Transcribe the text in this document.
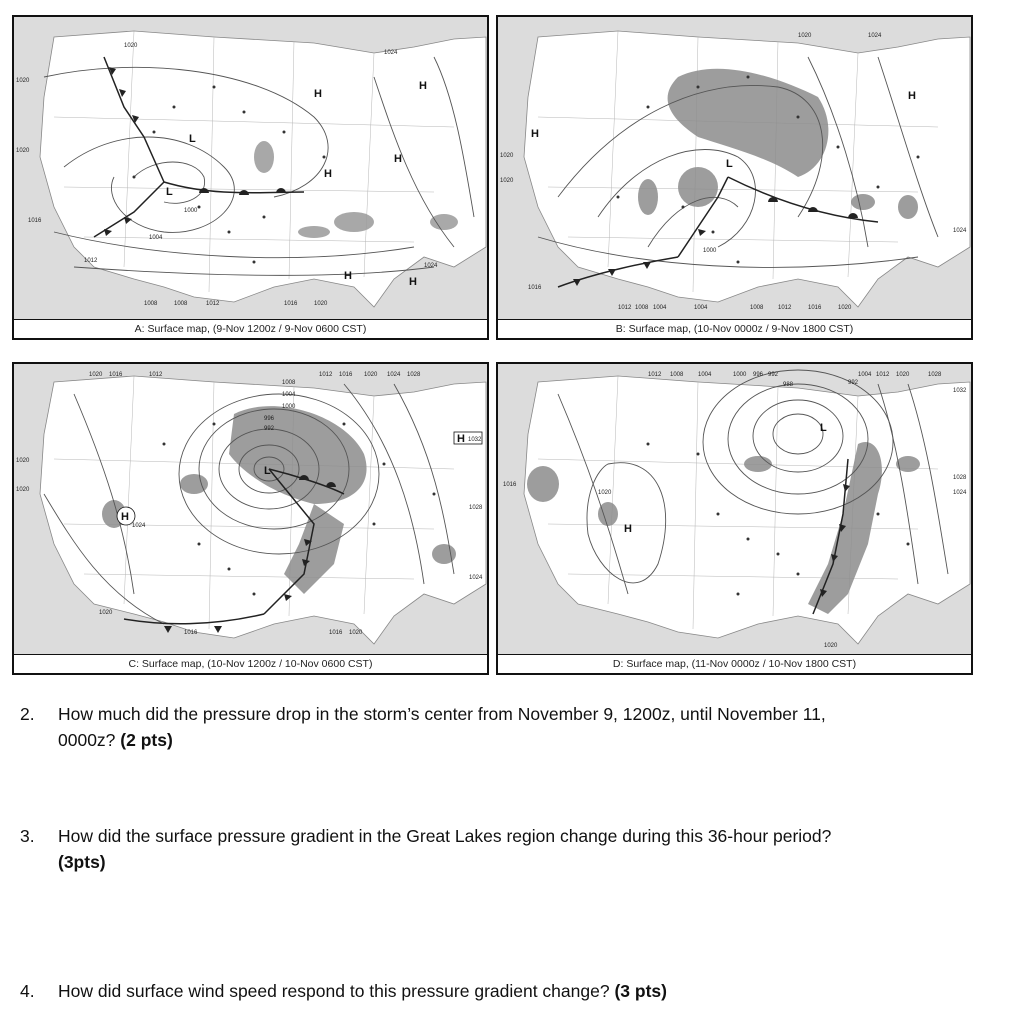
1020
1024
1020
1020
1016
1012
1008	1008	1012	1016	1020
1024
1000
1004
H
H
H
H
H	H
L
L
A: Surface map, (9-Nov 1200z / 9-Nov 0600 CST)
1020	1024
1020
1020
1016
1012 1008 1004	1004	1008 1012	1016	1020
1024
1000
H
H
L
B: Surface map, (10-Nov 0000z / 9-Nov 1800 CST)
1020 1016	1012
1008
1004
1000
996
992
1012 1016 1020 1024 1028
1020
1020
1016	1016 1020
1028
1024
1020
H 1032
H
1024
L
C: Surface map, (10-Nov 1200z / 10-Nov 0600 CST)
1012 1008 1004	1000 996 992
988	992
1004 1012 1020	1028
1032
1028
1024
1016
1020
1020
H
L
D: Surface map, (11-Nov 0000z / 10-Nov 1800 CST)
2. How much did the pressure drop in the storm’s center from November 9, 1200z, until November 11,
0000z? (2 pts)
3. How did the surface pressure gradient in the Great Lakes region change during this 36-hour period?
(3pts)
4. How did surface wind speed respond to this pressure gradient change? (3 pts)
